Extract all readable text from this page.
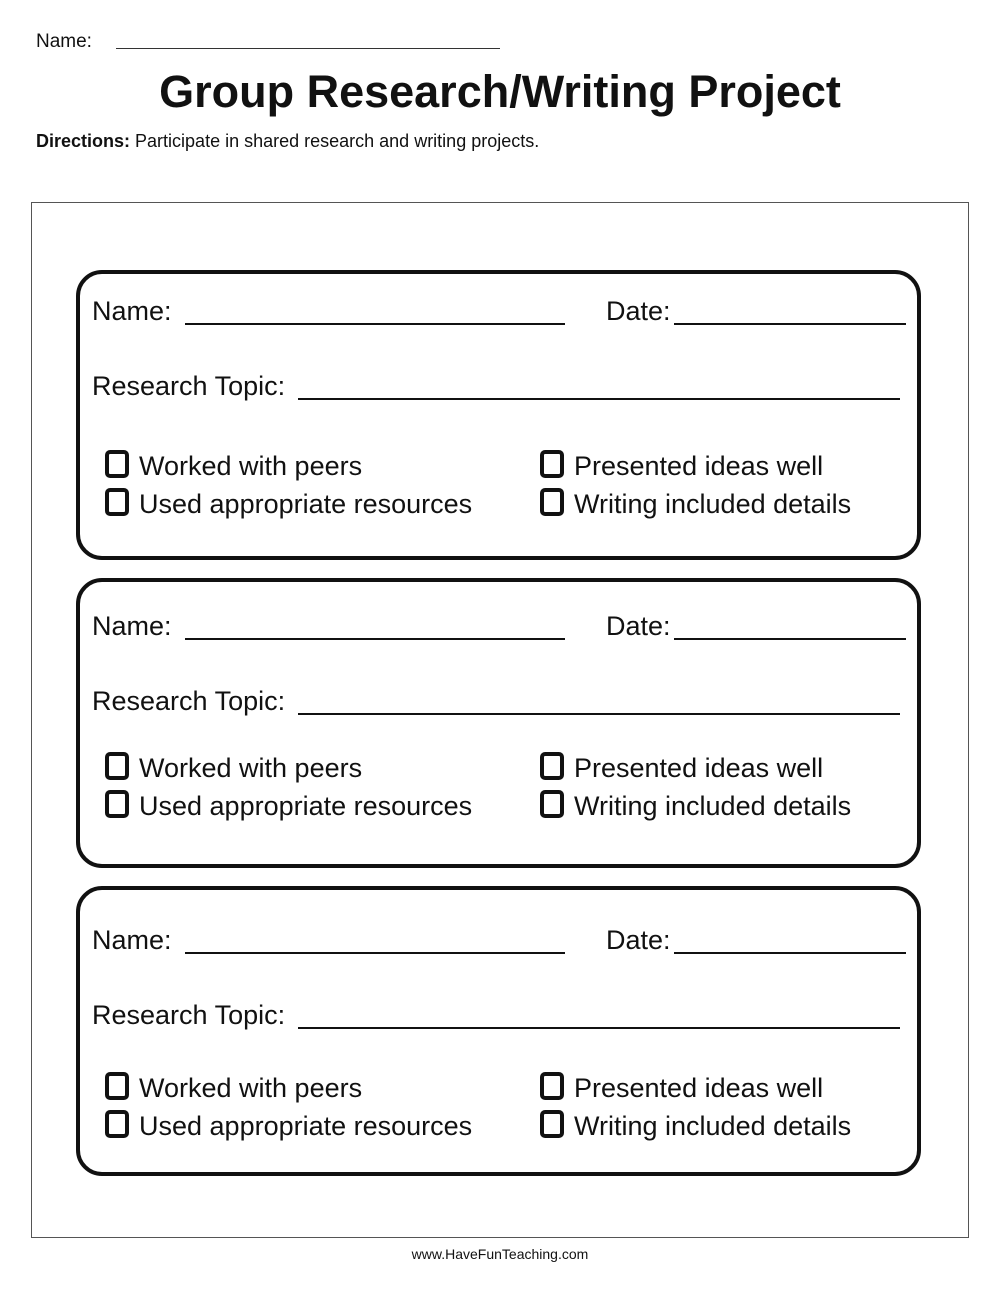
Name:
Group Research/Writing Project
Directions: Participate in shared research and writing projects.
Name:	Date:
Research Topic:
Worked with peers
Used appropriate resources
Presented ideas well
Writing included details
Name:	Date:
Research Topic:
Worked with peers
Used appropriate resources
Presented ideas well
Writing included details
Name:	Date:
Research Topic:
Worked with peers
Used appropriate resources
Presented ideas well
Writing included details
www.HaveFunTeaching.com
